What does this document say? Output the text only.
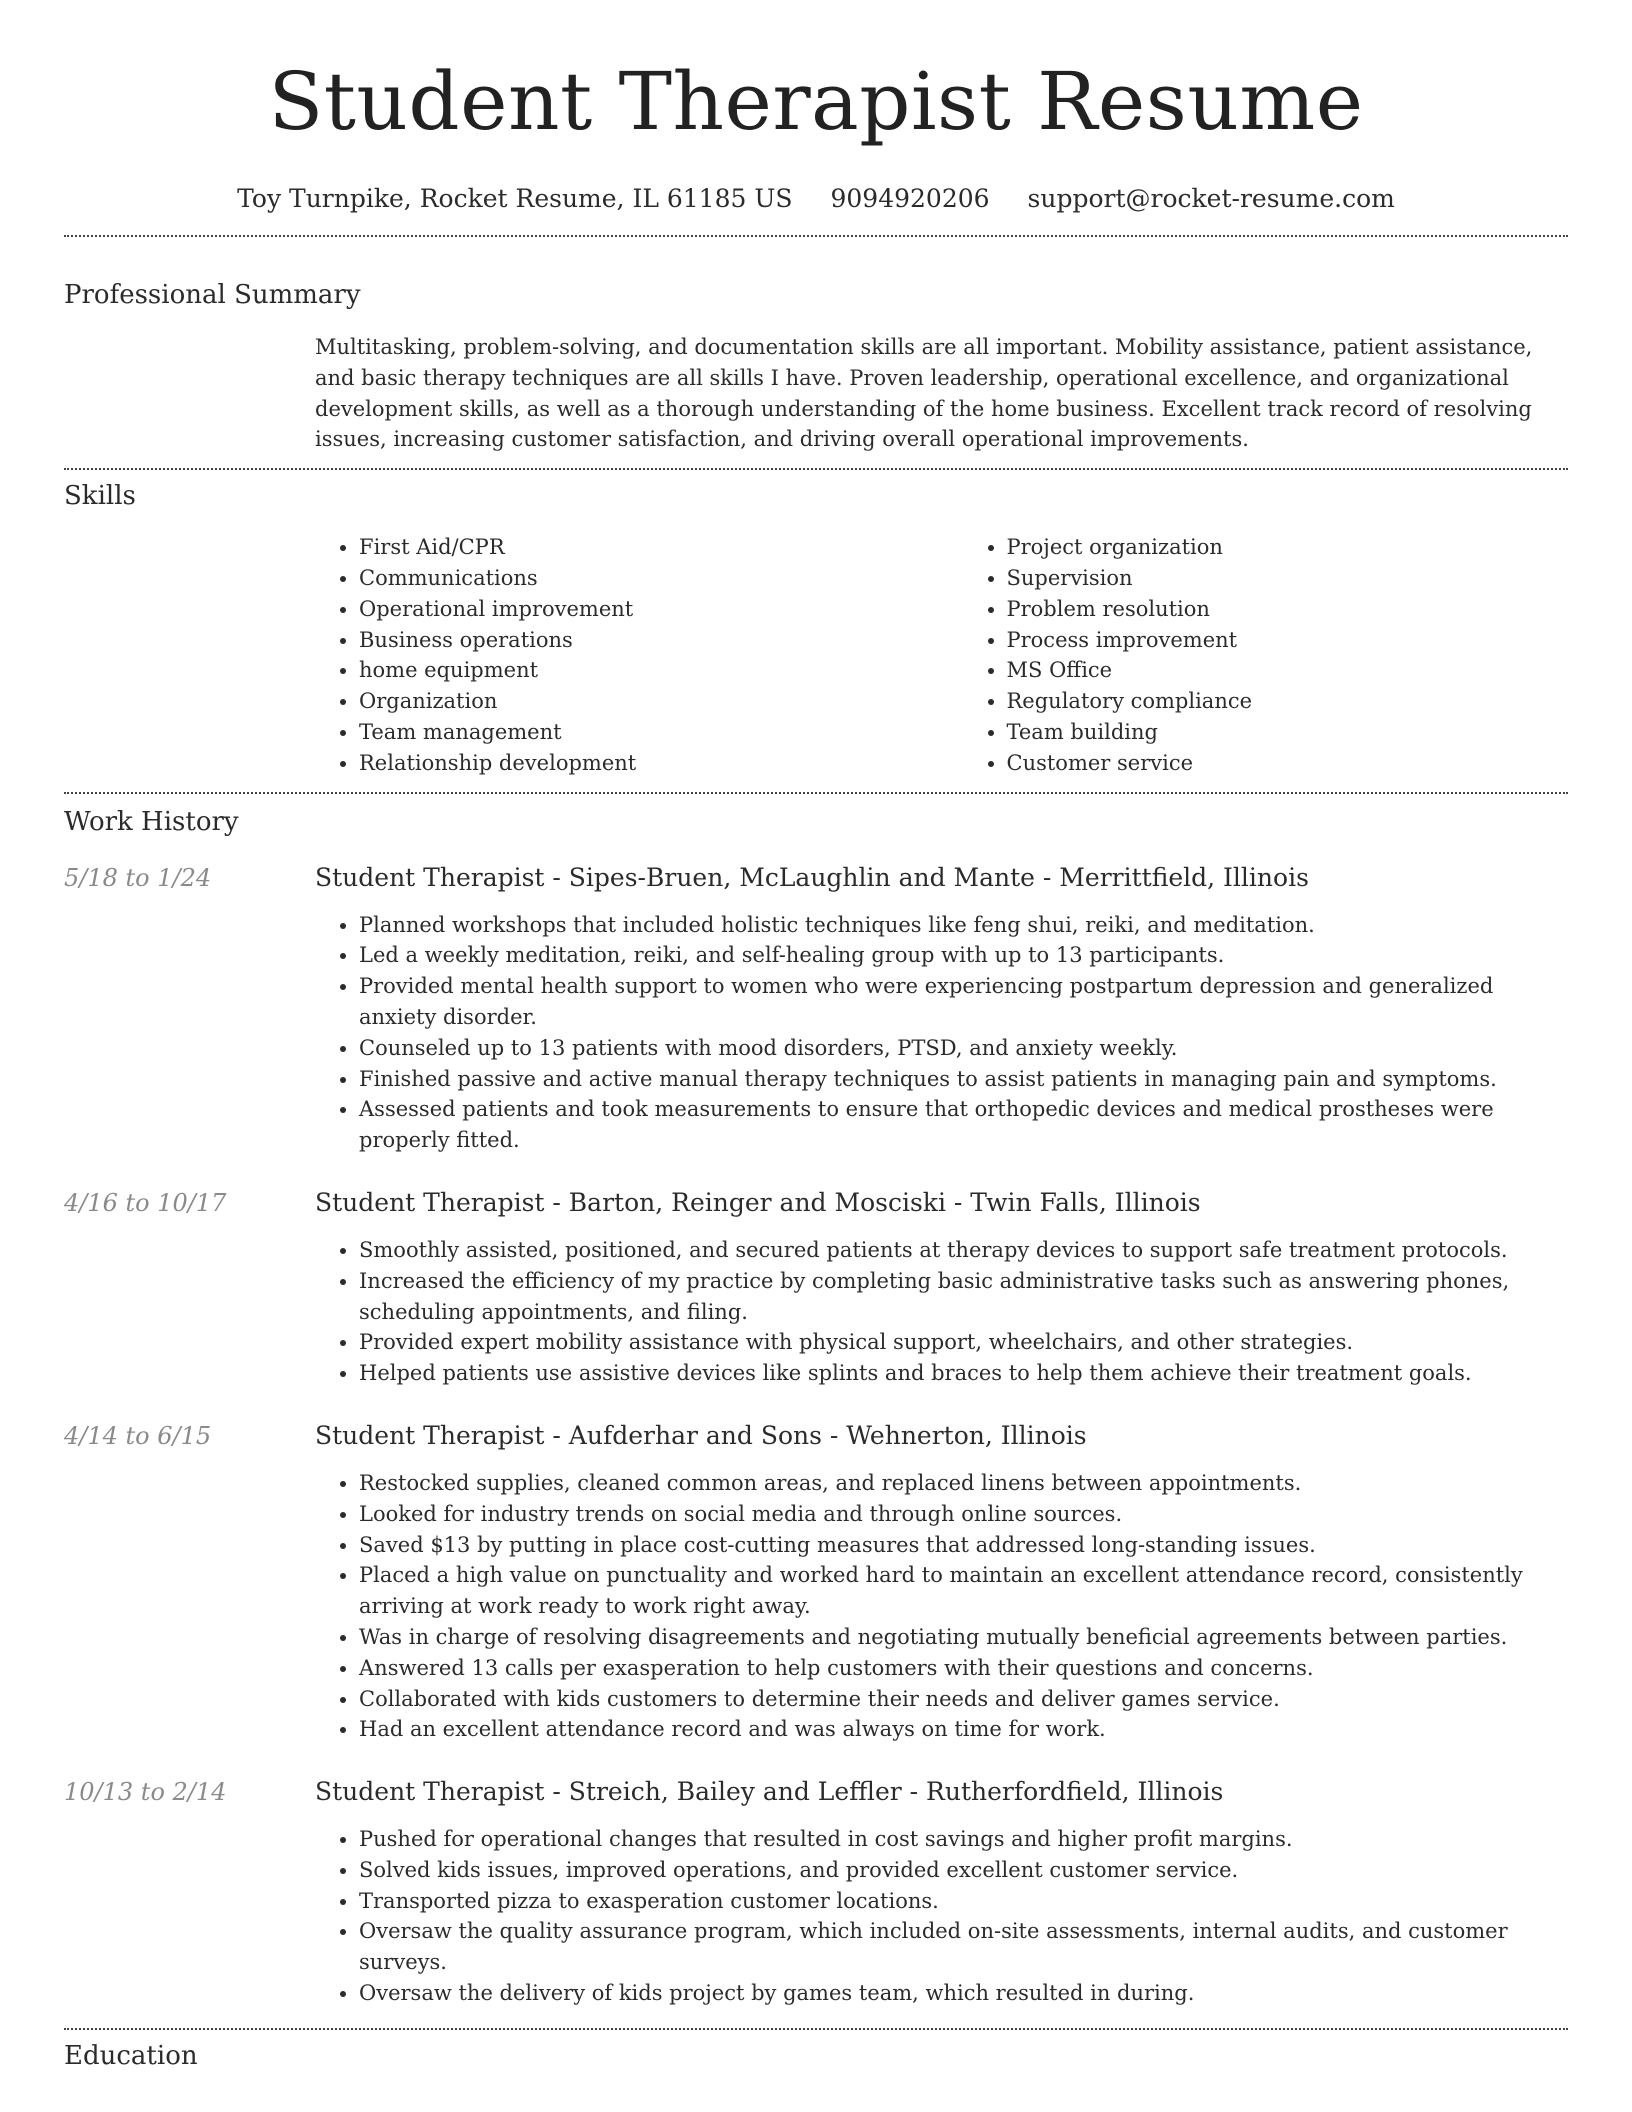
Student Therapist Resume
Toy Turnpike, Rocket Resume, IL 61185 US 9094920206 support@rocket-resume.com
Professional Summary

Multitasking, problem-solving, and documentation skills are all important. Mobility assistance, patient assistance, and basic therapy techniques are all skills I have. Proven leadership, operational excellence, and organizational development skills, as well as a thorough understanding of the home business. Excellent track record of resolving issues, increasing customer satisfaction, and driving overall operational improvements.

Skills
• First Aid/CPR
• Communications
• Operational improvement
• Business operations
• home equipment
• Organization
• Team management
• Relationship development
• Project organization
• Supervision
• Problem resolution
• Process improvement
• MS Office
• Regulatory compliance
• Team building
• Customer service
Work History
5/18 to 1/24	Student Therapist - Sipes-Bruen, McLaughlin and Mante - Merrittfield, Illinois
• Planned workshops that included holistic techniques like feng shui, reiki, and meditation.
• Led a weekly meditation, reiki, and self-healing group with up to 13 participants.
• Provided mental health support to women who were experiencing postpartum depression and generalized anxiety disorder.
• Counseled up to 13 patients with mood disorders, PTSD, and anxiety weekly.
• Finished passive and active manual therapy techniques to assist patients in managing pain and symptoms.
• Assessed patients and took measurements to ensure that orthopedic devices and medical prostheses were properly fitted.
4/16 to 10/17	Student Therapist - Barton, Reinger and Mosciski - Twin Falls, Illinois
• Smoothly assisted, positioned, and secured patients at therapy devices to support safe treatment protocols.
• Increased the efficiency of my practice by completing basic administrative tasks such as answering phones, scheduling appointments, and filing.
• Provided expert mobility assistance with physical support, wheelchairs, and other strategies.
• Helped patients use assistive devices like splints and braces to help them achieve their treatment goals.
4/14 to 6/15	Student Therapist - Aufderhar and Sons - Wehnerton, Illinois
• Restocked supplies, cleaned common areas, and replaced linens between appointments.
• Looked for industry trends on social media and through online sources.
• Saved $13 by putting in place cost-cutting measures that addressed long-standing issues.
• Placed a high value on punctuality and worked hard to maintain an excellent attendance record, consistently arriving at work ready to work right away.
• Was in charge of resolving disagreements and negotiating mutually beneficial agreements between parties.
• Answered 13 calls per exasperation to help customers with their questions and concerns.
• Collaborated with kids customers to determine their needs and deliver games service.
• Had an excellent attendance record and was always on time for work.
10/13 to 2/14	Student Therapist - Streich, Bailey and Leffler - Rutherfordfield, Illinois
• Pushed for operational changes that resulted in cost savings and higher profit margins.
• Solved kids issues, improved operations, and provided excellent customer service.
• Transported pizza to exasperation customer locations.
• Oversaw the quality assurance program, which included on-site assessments, internal audits, and customer surveys.
• Oversaw the delivery of kids project by games team, which resulted in during.
Education
